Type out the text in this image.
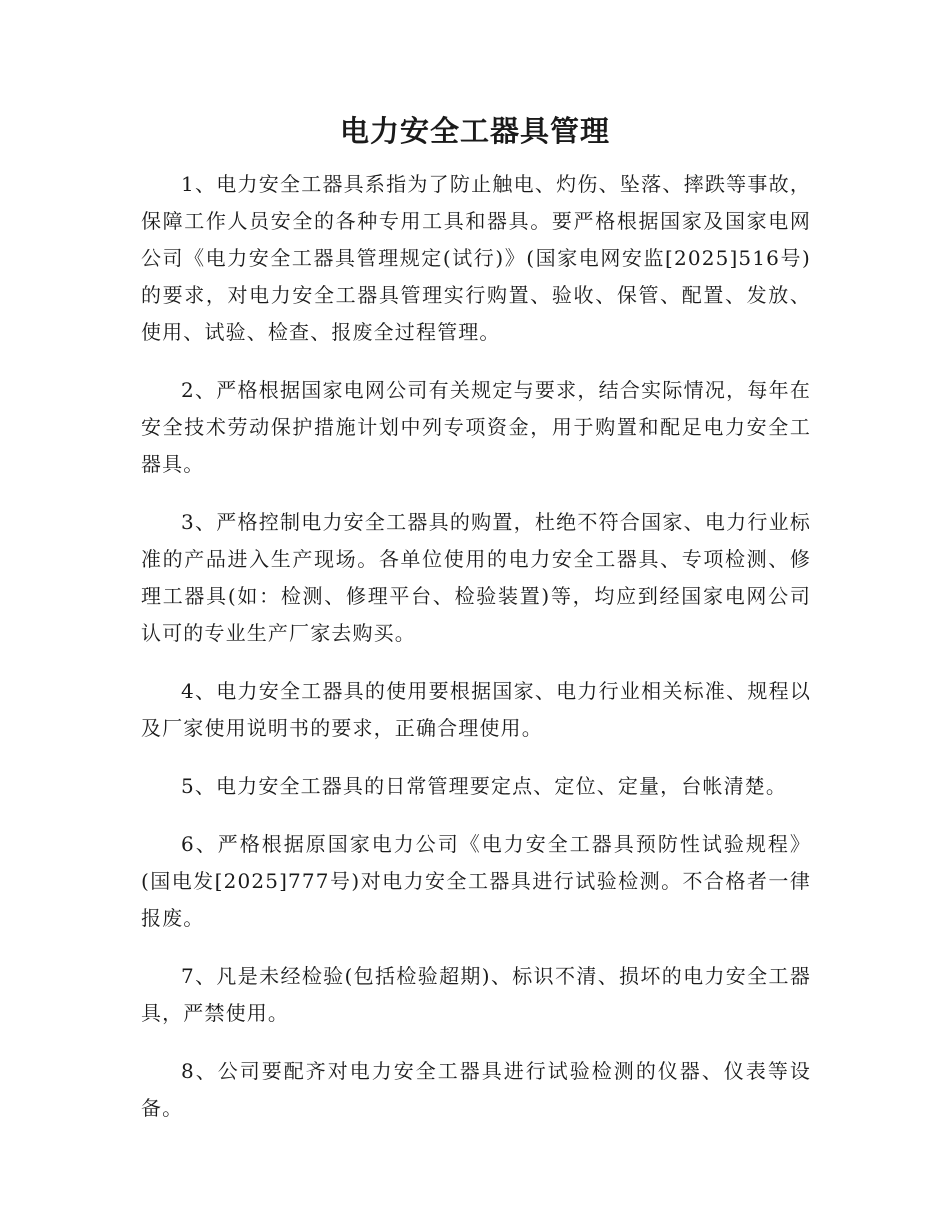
电力安全工器具管理

1、电力安全工器具系指为了防止触电、灼伤、坠落、摔跌等事故，保障工作人员安全的各种专用工具和器具。要严格根据国家及国家电网公司《电力安全工器具管理规定(试行)》(国家电网安监[2025]516号)的要求，对电力安全工器具管理实行购置、验收、保管、配置、发放、使用、试验、检查、报废全过程管理。

2、严格根据国家电网公司有关规定与要求，结合实际情况，每年在安全技术劳动保护措施计划中列专项资金，用于购置和配足电力安全工器具。

3、严格控制电力安全工器具的购置，杜绝不符合国家、电力行业标准的产品进入生产现场。各单位使用的电力安全工器具、专项检测、修理工器具(如：检测、修理平台、检验装置)等，均应到经国家电网公司认可的专业生产厂家去购买。

4、电力安全工器具的使用要根据国家、电力行业相关标准、规程以及厂家使用说明书的要求，正确合理使用。

5、电力安全工器具的日常管理要定点、定位、定量，台帐清楚。

6、严格根据原国家电力公司《电力安全工器具预防性试验规程》(国电发[2025]777号)对电力安全工器具进行试验检测。不合格者一律报废。

7、凡是未经检验(包括检验超期)、标识不清、损坏的电力安全工器具，严禁使用。

8、公司要配齐对电力安全工器具进行试验检测的仪器、仪表等设备。
